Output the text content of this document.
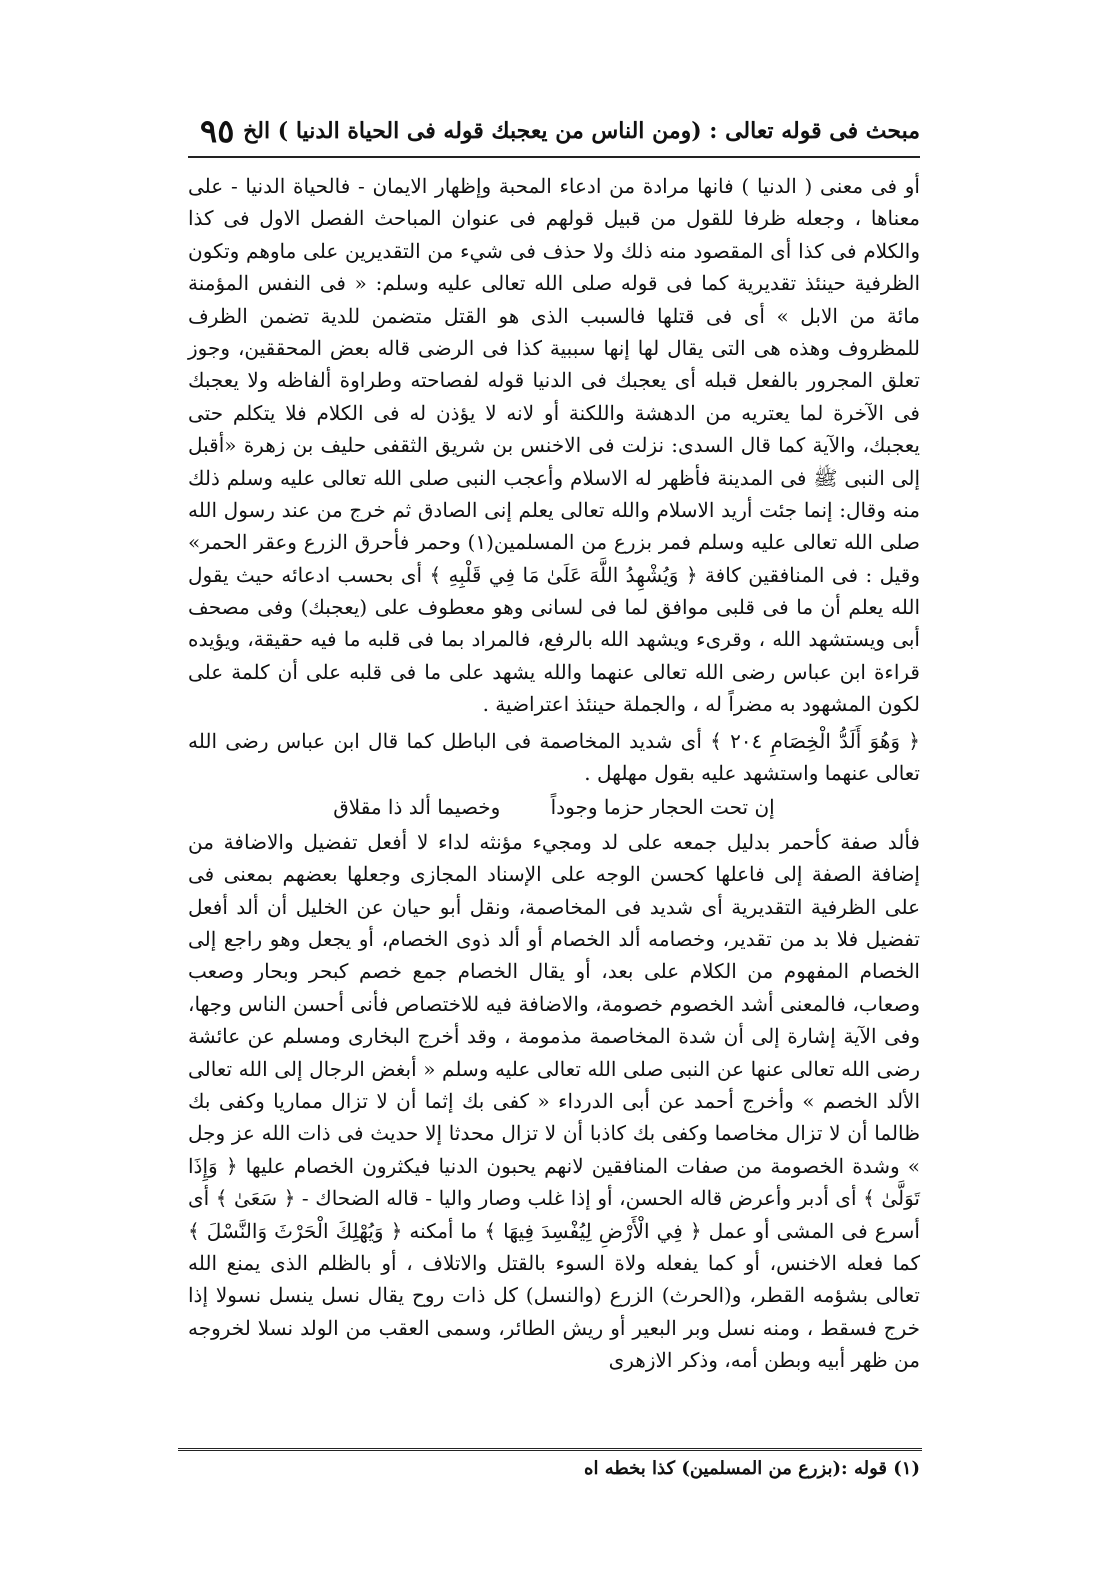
مبحث فى قوله تعالى : (ومن الناس من يعجبك قوله فى الحياة الدنيا ) الخ
٩٥

أو فى معنى ( الدنيا ) فانها مرادة من ادعاء المحبة وإظهار الايمان - فالحياة الدنيا - على معناها ، وجعله ظرفا للقول من قبيل قولهم فى عنوان المباحث الفصل الاول فى كذا والكلام فى كذا أى المقصود منه ذلك ولا حذف فى شيء من التقديرين على ماوهم وتكون الظرفية حينئذ تقديرية كما فى قوله صلى الله تعالى عليه وسلم: « فى النفس المؤمنة مائة من الابل » أى فى قتلها فالسبب الذى هو القتل متضمن للدية تضمن الظرف للمظروف وهذه هى التى يقال لها إنها سببية كذا فى الرضى قاله بعض المحققين، وجوز تعلق المجرور بالفعل قبله أى يعجبك فى الدنيا قوله لفصاحته وطراوة ألفاظه ولا يعجبك فى الآخرة لما يعتريه من الدهشة واللكنة أو لانه لا يؤذن له فى الكلام فلا يتكلم حتى يعجبك، والآية كما قال السدى: نزلت فى الاخنس بن شريق الثقفى حليف بن زهرة «أقبل إلى النبى ﷺ فى المدينة فأظهر له الاسلام وأعجب النبى صلى الله تعالى عليه وسلم ذلك منه وقال: إنما جئت أريد الاسلام والله تعالى يعلم إنى الصادق ثم خرج من عند رسول الله صلى الله تعالى عليه وسلم فمر بزرع من المسلمين(١) وحمر فأحرق الزرع وعقر الحمر» وقيل : فى المنافقين كافة ﴿ وَيُشْهِدُ اللَّهَ عَلَىٰ مَا فِي قَلْبِهِ ﴾ أى بحسب ادعائه حيث يقول الله يعلم أن ما فى قلبى موافق لما فى لسانى وهو معطوف على (يعجبك) وفى مصحف أبى ويستشهد الله ، وقرىء ويشهد الله بالرفع، فالمراد بما فى قلبه ما فيه حقيقة، ويؤيده قراءة ابن عباس رضى الله تعالى عنهما والله يشهد على ما فى قلبه على أن كلمة على لكون المشهود به مضراً له ، والجملة حينئذ اعتراضية .

﴿ وَهُوَ أَلَدُّ الْخِصَامِ ٢٠٤ ﴾ أى شديد المخاصمة فى الباطل كما قال ابن عباس رضى الله تعالى عنهما واستشهد عليه بقول مهلهل .

إن تحت الحجار حزما وجوداً وخصيما ألد ذا مقلاق

فألد صفة كأحمر بدليل جمعه على لد ومجيء مؤنثه لداء لا أفعل تفضيل والاضافة من إضافة الصفة إلى فاعلها كحسن الوجه على الإسناد المجازى وجعلها بعضهم بمعنى فى على الظرفية التقديرية أى شديد فى المخاصمة، ونقل أبو حيان عن الخليل أن ألد أفعل تفضيل فلا بد من تقدير، وخصامه ألد الخصام أو ألد ذوى الخصام، أو يجعل وهو راجع إلى الخصام المفهوم من الكلام على بعد، أو يقال الخصام جمع خصم كبحر وبحار وصعب وصعاب، فالمعنى أشد الخصوم خصومة، والاضافة فيه للاختصاص فأنى أحسن الناس وجها، وفى الآية إشارة إلى أن شدة المخاصمة مذمومة ، وقد أخرج البخارى ومسلم عن عائشة رضى الله تعالى عنها عن النبى صلى الله تعالى عليه وسلم « أبغض الرجال إلى الله تعالى الألد الخصم » وأخرج أحمد عن أبى الدرداء « كفى بك إثما أن لا تزال مماريا وكفى بك ظالما أن لا تزال مخاصما وكفى بك كاذبا أن لا تزال محدثا إلا حديث فى ذات الله عز وجل » وشدة الخصومة من صفات المنافقين لانهم يحبون الدنيا فيكثرون الخصام عليها ﴿ وَإِذَا تَوَلَّىٰ ﴾ أى أدبر وأعرض قاله الحسن، أو إذا غلب وصار واليا - قاله الضحاك - ﴿ سَعَىٰ ﴾ أى أسرع فى المشى أو عمل ﴿ فِي الْأَرْضِ لِيُفْسِدَ فِيهَا ﴾ ما أمكنه ﴿ وَيُهْلِكَ الْحَرْثَ وَالنَّسْلَ ﴾ كما فعله الاخنس، أو كما يفعله ولاة السوء بالقتل والاتلاف ، أو بالظلم الذى يمنع الله تعالى بشؤمه القطر، و(الحرث) الزرع (والنسل) كل ذات روح يقال نسل ينسل نسولا إذا خرج فسقط ، ومنه نسل وبر البعير أو ريش الطائر، وسمى العقب من الولد نسلا لخروجه من ظهر أبيه وبطن أمه، وذكر الازهرى

(١) قوله :(بزرع من المسلمين) كذا بخطه اه
